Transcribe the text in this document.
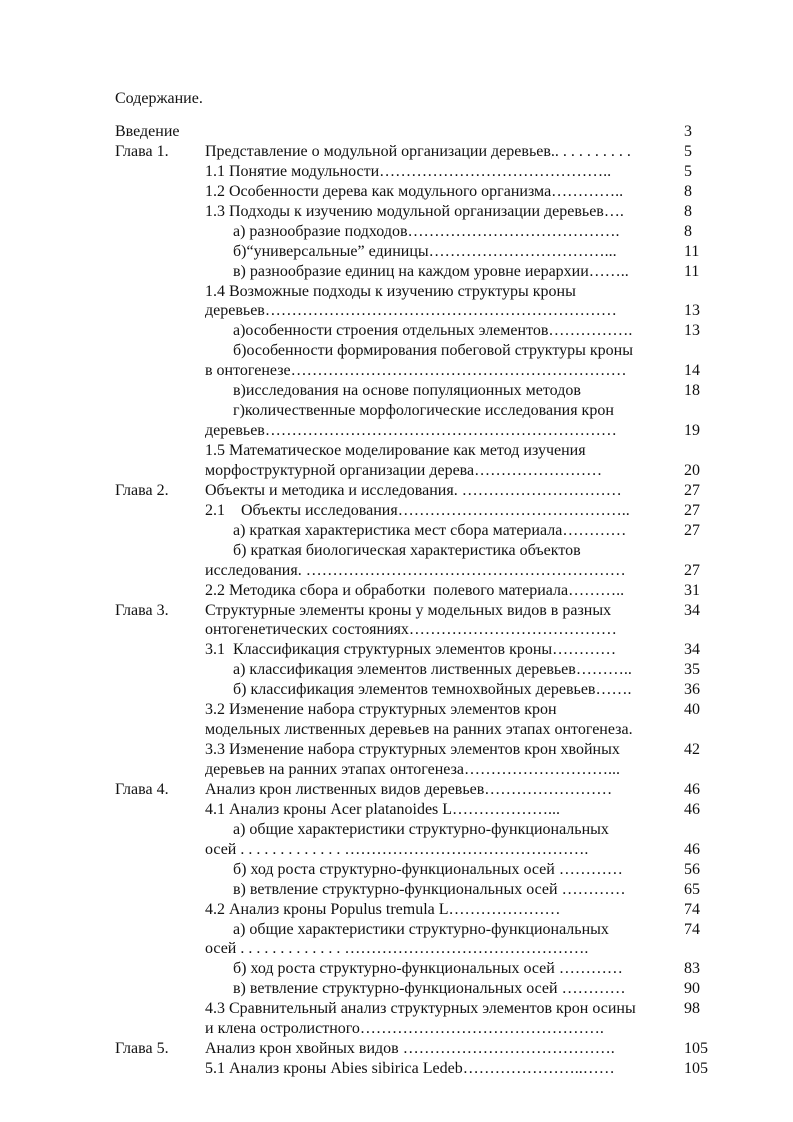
Содержание.
Введение	3
Глава 1. Представление о модульной организации деревьев.. . . . . . . . . .	5
1.1 Понятие модульности……………………………………..	5
1.2 Особенности дерева как модульного организма…………..	8
1.3 Подходы к изучению модульной организации деревьев….	8
а) разнообразие подходов………………………………….	8
б)“универсальные” единицы……………………………...	11
в) разнообразие единиц на каждом уровне иерархии……..	11
1.4 Возможные подходы к изучению структуры кроны
деревьев…………………………………………………………	13
а)особенности строения отдельных элементов…………….	13
б)особенности формирования побеговой структуры кроны
в онтогенезе………………………………………………………	14
в)исследования на основе популяционных методов	18
г)количественные морфологические исследования крон
деревьев…………………………………………………………	19
1.5 Математическое моделирование как метод изучения
морфоструктурной организации дерева……………………	20
Глава 2. Объекты и методика и исследования. …………………………	27
2.1    Объекты исследования……………………………………..	27
а) краткая характеристика мест сбора материала…………	27
б) краткая биологическая характеристика объектов
исследования. ……………………………………………………	27
2.2 Методика сбора и обработки  полевого материала………..	31
Глава 3. Структурные элементы кроны у модельных видов в разных	34
онтогенетических состояниях…………………………………
3.1  Классификация структурных элементов кроны…………	34
а) классификация элементов лиственных деревьев………..	35
б) классификация элементов темнохвойных деревьев…….	36
3.2 Изменение набора структурных элементов крон	40
модельных лиственных деревьев на ранних этапах онтогенеза.
3.3 Изменение набора структурных элементов крон хвойных	42
деревьев на ранних этапах онтогенеза………………………...
Глава 4. Анализ крон лиственных видов деревьев……………………	46
4.1 Анализ кроны Acer platanoides L………………...	46
а) общие характеристики структурно-функциональных
осей . . . . . . . . . . . . . ……………………………………….	46
б) ход роста структурно-функциональных осей …………	56
в) ветвление структурно-функциональных осей …………	65
4.2 Анализ кроны Populus tremula L…………………	74
а) общие характеристики структурно-функциональных	74
осей . . . . . . . . . . . . . ……………………………………….
б) ход роста структурно-функциональных осей …………	83
в) ветвление структурно-функциональных осей …………	90
4.3 Сравнительный анализ структурных элементов крон осины	98
и клена остролистного……………………………………….
Глава 5. Анализ крон хвойных видов ………………………………….	105
5.1 Анализ кроны Abies sibirica Ledeb…………………..……	105
